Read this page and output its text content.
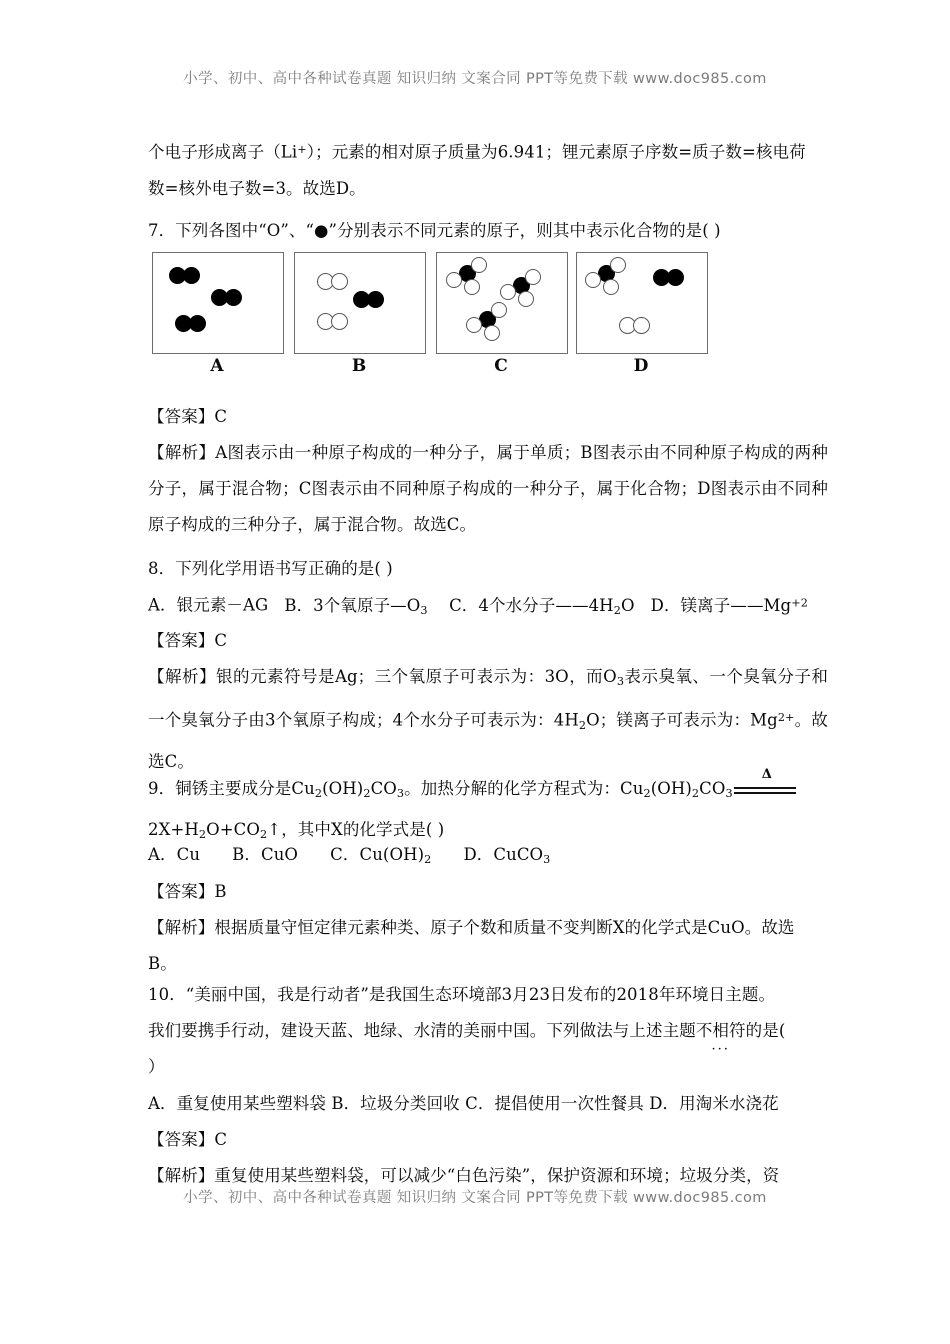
小学、初中、高中各种试卷真题 知识归纳 文案合同 PPT等免费下载 www.doc985.com
个电子形成离子（Li+）；元素的相对原子质量为6.941；锂元素原子序数=质子数=核电荷
数=核外电子数=3。故选D。
7．下列各图中“O”、“●”分别表示不同元素的原子，则其中表示化合物的是( )
A	B	C	D
【答案】C
【解析】A图表示由一种原子构成的一种分子，属于单质；B图表示由不同种原子构成的两种分子，属于混合物；C图表示由不同种原子构成的一种分子，属于化合物；D图表示由不同种原子构成的三种分子，属于混合物。故选C。
8．下列化学用语书写正确的是( )
A．银元素－AG B．3个氧原子$—O_3$ C．4个水分子$——4H_2O$ D．镁离子$——Mg^{+2}$
【答案】C
【解析】银的元素符号是Ag；三个氧原子可表示为：3O，而$O_3$表示臭氧、一个臭氧分子和一个臭氧分子由3个氧原子构成；4个水分子可表示为：$4H_2O$；镁离子可表示为：$Mg^{2+}$。故选C。
9．铜锈主要成分是$Cu_2(OH)_2CO_3$。加热分解的化学方程式为：$Cu_2(OH)_2CO_3$
Δ

$2X+H_2O+CO_2↑$，其中X的化学式是( )
A．Cu B．CuO C．$Cu(OH)_2$ D．CuCO$_3$
【答案】B
【解析】根据质量守恒定律元素种类、原子个数和质量不变判断X的化学式是CuO。故选
B。
10．“美丽中国，我是行动者”是我国生态环境部3月23日发布的2018年环境日主题。
我们要携手行动，建设天蓝、地绿、水清的美丽中国。下列做法与上述主题不相符 ···的是(
）
A．重复使用某些塑料袋 B．垃圾分类回收 C．提倡使用一次性餐具 D．用淘米水浇花
【答案】C
【解析】重复使用某些塑料袋，可以减少“白色污染”，保护资源和环境；垃圾分类，资
小学、初中、高中各种试卷真题 知识归纳 文案合同 PPT等免费下载 www.doc985.com
